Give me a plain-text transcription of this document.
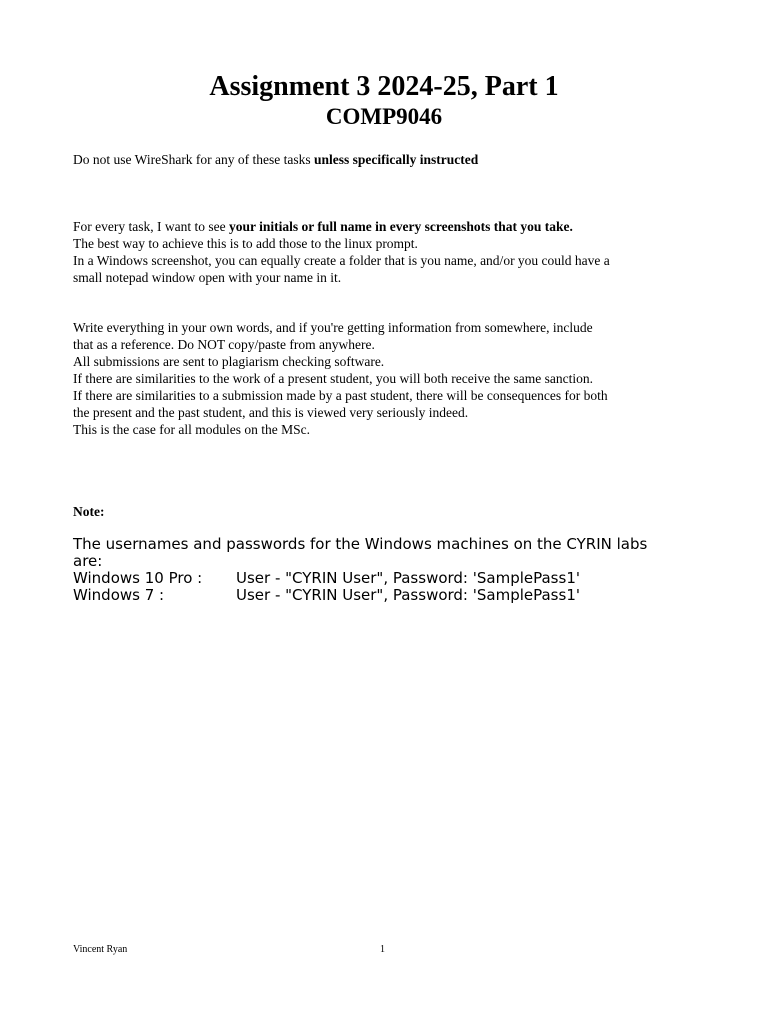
Assignment 3 2024-25, Part 1
COMP9046
Do not use WireShark for any of these tasks unless specifically instructed
For every task, I want to see your initials or full name in every screenshots that you take.
The best way to achieve this is to add those to the linux prompt.
In a Windows screenshot, you can equally create a folder that is you name, and/or you could have a
small notepad window open with your name in it.
Write everything in your own words, and if you're getting information from somewhere, include
that as a reference. Do NOT copy/paste from anywhere.
All submissions are sent to plagiarism checking software.
If there are similarities to the work of a present student, you will both receive the same sanction.
If there are similarities to a submission made by a past student, there will be consequences for both
the present and the past student, and this is viewed very seriously indeed.
This is the case for all modules on the MSc.
Note:
The usernames and passwords for the Windows machines on the CYRIN labs
are:
Windows 10 Pro : User - "CYRIN User", Password: 'SamplePass1'
Windows 7 :	User - "CYRIN User", Password: 'SamplePass1'
Vincent Ryan	1
